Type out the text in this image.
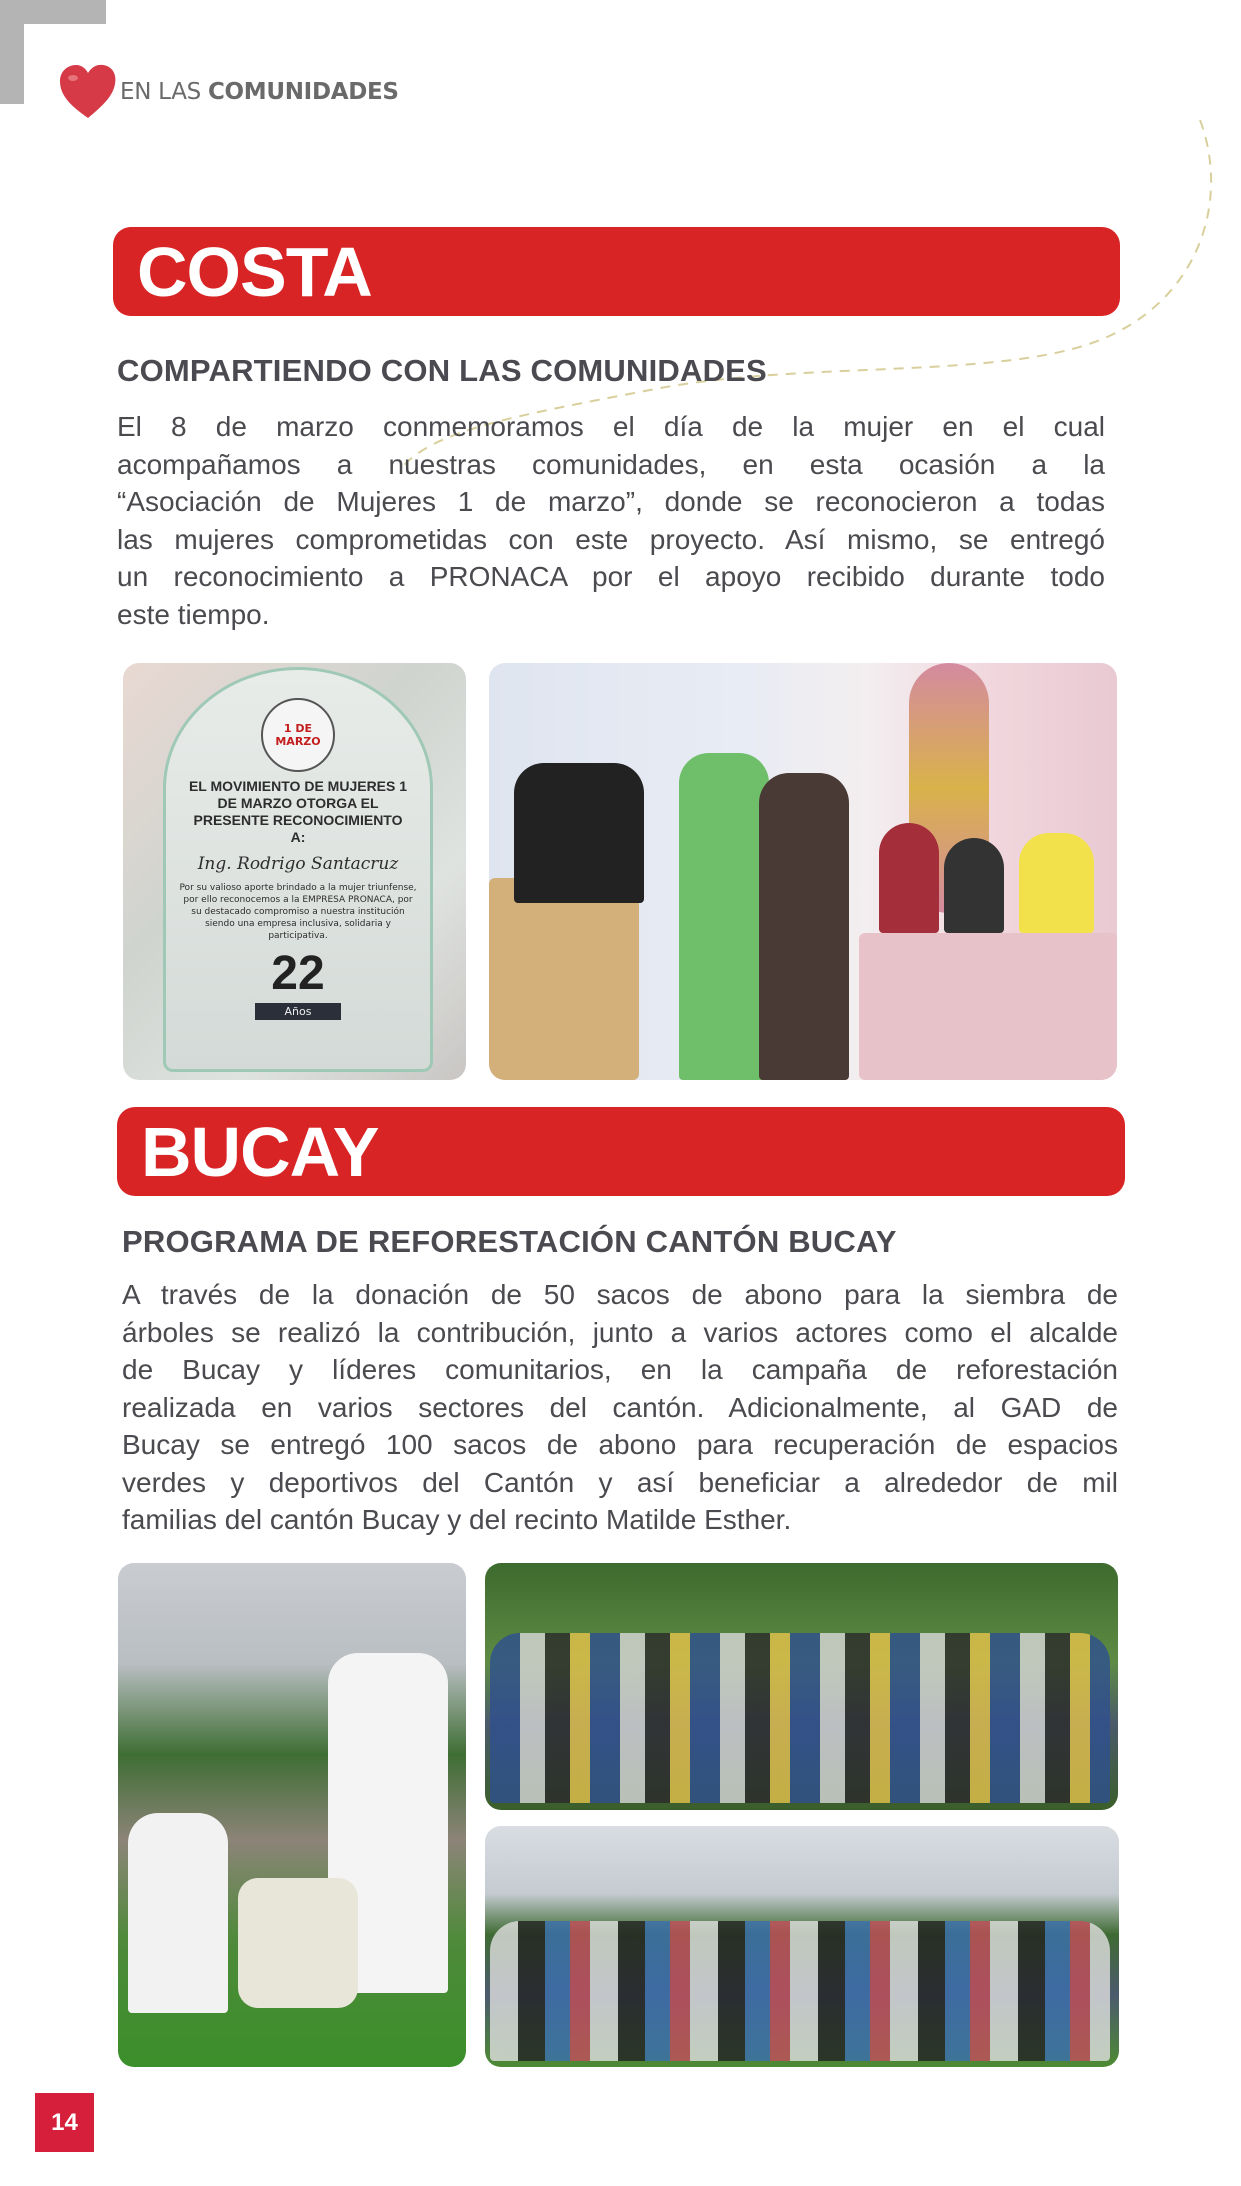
EN LAS COMUNIDADES
COSTA
COMPARTIENDO CON LAS COMUNIDADES
El 8 de marzo conmemoramos el día de la mujer en el cual
acompañamos a nuestras comunidades, en esta ocasión a la
“Asociación de Mujeres 1 de marzo”, donde se reconocieron a todas
las mujeres comprometidas con este proyecto. Así mismo, se entregó
un reconocimiento a PRONACA por el apoyo recibido durante todo
este tiempo.
1 DE MARZO
EL MOVIMIENTO DE MUJERES 1 DE MARZO OTORGA EL PRESENTE RECONOCIMIENTO A:
Ing. Rodrigo Santacruz
Por su valioso aporte brindado a la mujer triunfense, por ello reconocemos a la EMPRESA PRONACA, por su destacado compromiso a nuestra institución siendo una empresa inclusiva, solidaria y participativa.
22
Años
BUCAY
PROGRAMA DE REFORESTACIÓN CANTÓN BUCAY
A través de la donación de 50 sacos de abono para la siembra de
árboles se realizó la contribución, junto a varios actores como el alcalde
de Bucay y líderes comunitarios, en la campaña de reforestación
realizada en varios sectores del cantón. Adicionalmente, al GAD de
Bucay se entregó 100 sacos de abono para recuperación de espacios
verdes y deportivos del Cantón y así beneficiar a alrededor de mil
familias del cantón Bucay y del recinto Matilde Esther.
14
